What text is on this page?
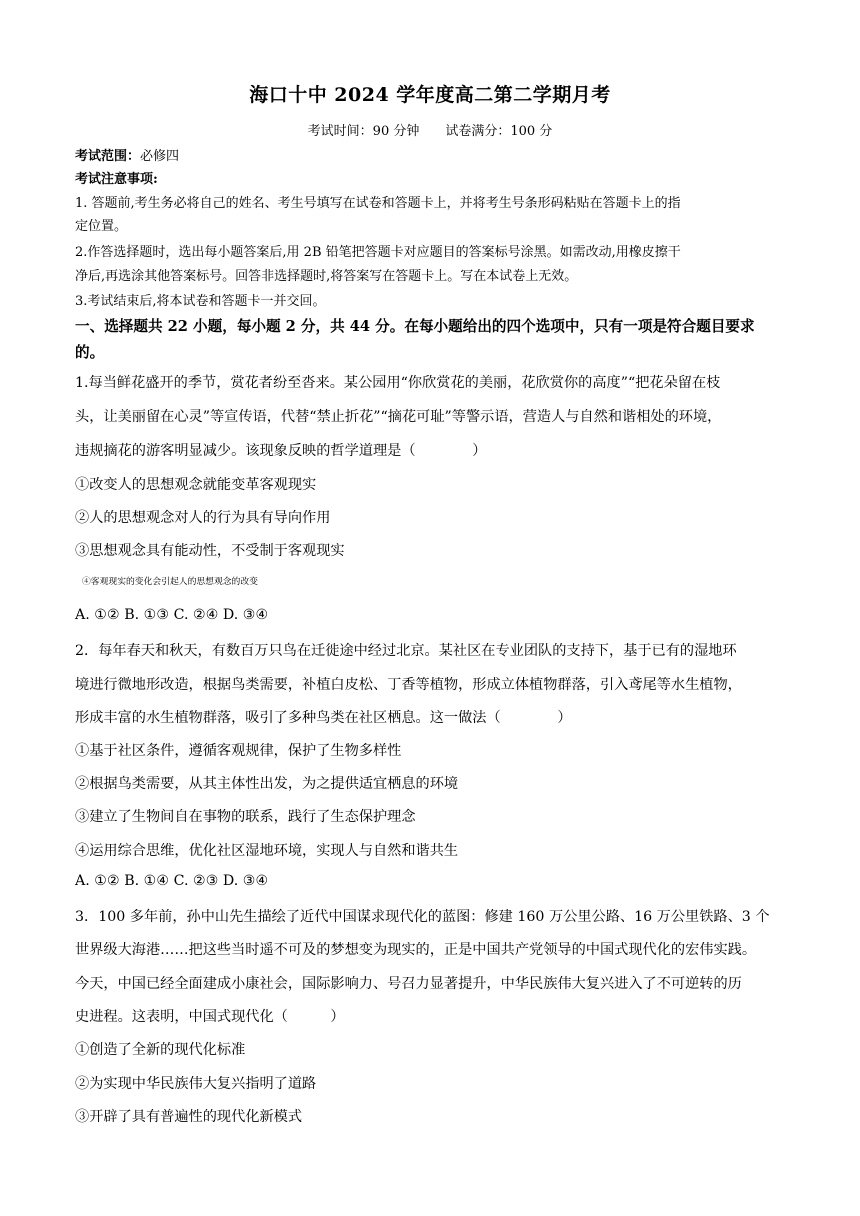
海口十中 2024 学年度高二第二学期月考
考试时间：90 分钟 试卷满分：100 分
考试范围：必修四
考试注意事项:
1. 答题前,考生务必将自己的姓名、考生号填写在试卷和答题卡上，并将考生号条形码粘贴在答题卡上的指
定位置。
2.作答选择题时，选出每小题答案后,用 2B 铅笔把答题卡对应题目的答案标号涂黑。如需改动,用橡皮擦干
净后,再选涂其他答案标号。回答非选择题时,将答案写在答题卡上。写在本试卷上无效。
3.考试结束后,将本试卷和答题卡一并交回。
一、选择题共 22 小题，每小题 2 分，共 44 分。在每小题给出的四个选项中，只有一项是符合题目要求
的。
1.每当鲜花盛开的季节，赏花者纷至沓来。某公园用“你欣赏花的美丽，花欣赏你的高度”“把花朵留在枝
头，让美丽留在心灵”等宣传语，代替“禁止折花”“摘花可耻”等警示语，营造人与自然和谐相处的环境，
违规摘花的游客明显减少。该现象反映的哲学道理是（　　　　）
①改变人的思想观念就能变革客观现实
②人的思想观念对人的行为具有导向作用
③思想观念具有能动性，不受制于客观现实
④客观现实的变化会引起人的思想观念的改变
A. ①② B. ①③ C. ②④ D. ③④
2．每年春天和秋天，有数百万只鸟在迁徙途中经过北京。某社区在专业团队的支持下，基于已有的湿地环
境进行微地形改造，根据鸟类需要，补植白皮松、丁香等植物，形成立体植物群落，引入鸢尾等水生植物，
形成丰富的水生植物群落，吸引了多种鸟类在社区栖息。这一做法（　　　　）
①基于社区条件，遵循客观规律，保护了生物多样性
②根据鸟类需要，从其主体性出发，为之提供适宜栖息的环境
③建立了生物间自在事物的联系，践行了生态保护理念
④运用综合思维，优化社区湿地环境，实现人与自然和谐共生
A. ①② B. ①④ C. ②③ D. ③④
3．100 多年前，孙中山先生描绘了近代中国谋求现代化的蓝图：修建 160 万公里公路、16 万公里铁路、3 个
世界级大海港……把这些当时遥不可及的梦想变为现实的，正是中国共产党领导的中国式现代化的宏伟实践。
今天，中国已经全面建成小康社会，国际影响力、号召力显著提升，中华民族伟大复兴进入了不可逆转的历
史进程。这表明，中国式现代化（　　　）
①创造了全新的现代化标准
②为实现中华民族伟大复兴指明了道路
③开辟了具有普遍性的现代化新模式
